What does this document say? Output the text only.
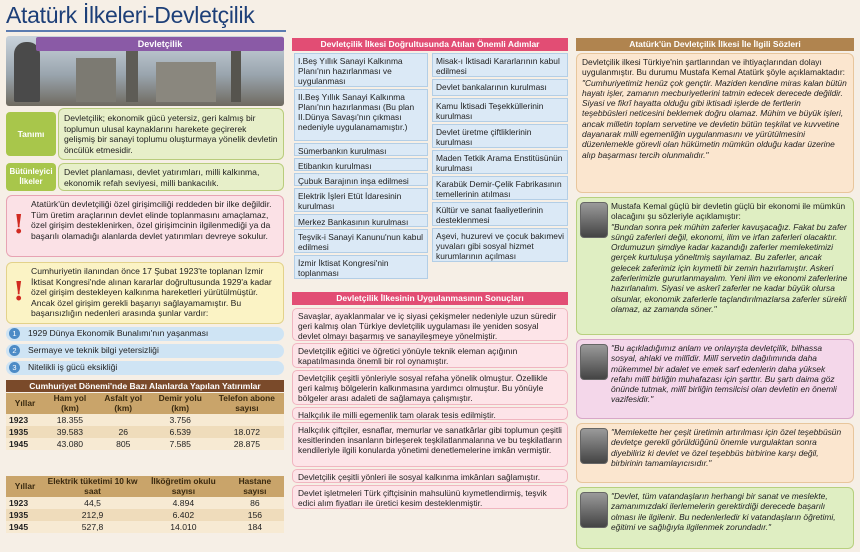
Atatürk İlkeleri-Devletçilik
Devletçilik
Tanımı
Devletçilik; ekonomik gücü yetersiz, geri kalmış bir toplumun ulusal kaynaklarını harekete geçirerek gelişmiş bir sanayi toplumu oluşturmaya yönelik devletin öncülük etmesidir.
Bütünleyici İlkeler
Devlet planlaması, devlet yatırımları, milli kalkınma, ekonomik refah seviyesi, milli bankacılık.
!
Atatürk'ün devletçiliği özel girişimciliği reddeden bir ilke değildir. Tüm üretim araçlarının devlet elinde toplanmasını amaçlamaz, özel girişim desteklenirken, özel girişimcinin ilgilenmediği ya da başarılı olamadığı alanlarda devlet yatırımları devreye sokulur.
!
Cumhuriyetin ilanından önce 17 Şubat 1923'te toplanan İzmir İktisat Kongresi'nde alınan kararlar doğrultusunda 1929'a kadar özel girişim destekleyen kalkınma hareketleri yürütülmüştür. Ancak özel girişim gerekli başarıyı sağlayamamıştır. Bu başarısızlığın nedenleri arasında şunlar vardır:
1	1929 Dünya Ekonomik Bunalımı'nın yaşanması
2	Sermaye ve teknik bilgi yetersizliği
3	Nitelikli iş gücü eksikliği
Cumhuriyet Dönemi'nde Bazı Alanlarda Yapılan Yatırımlar
Yıllar	Ham yol (km)	Asfalt yol (km)	Demir yolu (km)	Telefon abone sayısı
1923	18.355		3.756	
1935	39.583	26	6.539	18.072
1945	43.080	805	7.585	28.875
Yıllar	Elektrik tüketimi 10 kw saat	İlköğretim okulu sayısı	Hastane sayısı
1923	44,5	4.894	86
1935	212,9	6.402	156
1945	527,8	14.010	184
Devletçilik İlkesi Doğrultusunda Atılan Önemli Adımlar
I.Beş Yıllık Sanayi Kalkınma Planı'nın hazırlanması ve uygulanması
II.Beş Yıllık Sanayi Kalkınma Planı'nın hazırlanması (Bu plan II.Dünya Savaşı'nın çıkması nedeniyle uygulanamamıştır.)
Sümerbankın kurulması
Etibankın kurulması
Çubuk Barajının inşa edilmesi
Elektrik İşleri Etüt İdaresinin kurulması
Merkez Bankasının kurulması
Teşvik-i Sanayi Kanunu'nun kabul edilmesi
İzmir İktisat Kongresi'nin toplanması
Misak-ı İktisadi Kararlarının kabul edilmesi
Devlet bankalarının kurulması
Kamu İktisadi Teşekküllerinin kurulması
Devlet üretme çiftliklerinin kurulması
Maden Tetkik Arama Enstitüsünün kurulması
Karabük Demir-Çelik Fabrikasının temellerinin atılması
Kültür ve sanat faaliyetlerinin desteklenmesi
Aşevi, huzurevi ve çocuk bakımevi yuvaları gibi sosyal hizmet kurumlarının açılması
Devletçilik İlkesinin Uygulanmasının Sonuçları
Savaşlar, ayaklanmalar ve iç siyasi çekişmeler nedeniyle uzun süredir geri kalmış olan Türkiye devletçilik uygulaması ile yeniden sosyal devlet olmayı başarmış ve sanayileşmeye yönelmiştir.
Devletçilik eğitici ve öğretici yönüyle teknik eleman açığının kapatılmasında önemli bir rol oynamıştır.
Devletçilik çeşitli yönleriyle sosyal refaha yönelik olmuştur. Özellikle geri kalmış bölgelerin kalkınmasına yardımcı olmuştur. Bu yönüyle bölgeler arası adaleti de sağlamaya çalışmıştır.
Halkçılık ile milli egemenlik tam olarak tesis edilmiştir.
Halkçılık çiftçiler, esnaflar, memurlar ve sanatkârlar gibi toplumun çeşitli kesitlerinden insanların birleşerek teşkilatlanmalarına ve bu teşkilatların kendileriyle ilgili konularda yönetimi denetlemelerine imkân vermiştir.
Devletçilik çeşitli yönleri ile sosyal kalkınma imkânları sağlamıştır.
Devlet işletmeleri Türk çiftçisinin mahsulünü kıymetlendirmiş, teşvik edici alım fiyatları ile üretici kesim desteklenmiştir.
Atatürk'ün Devletçilik İlkesi İle İlgili Sözleri
Devletçilik ilkesi Türkiye'nin şartlarından ve ihtiyaçlarından dolayı uygulanmıştır. Bu durumu Mustafa Kemal Atatürk şöyle açıklamaktadır:
"Cumhuriyetimiz henüz çok gençtir. Maziden kendine miras kalan bütün hayatı işler, zamanın mecburiyetlerini tatmin edecek derecede değildir. Siyasi ve fikrî hayatta olduğu gibi iktisadi işlerde de fertlerin teşebbüsleri neticesini beklemek doğru olamaz. Mühim ve büyük işleri, ancak milletin toplam servetine ve devletin bütün teşkilat ve kuvvetine dayanarak milli egemenliğin uygulanmasını ve yürütülmesini düzenlemekle görevli olan hükümetin mümkün olduğu kadar üzerine alıp başarması tercih olunmalıdır."
Mustafa Kemal güçlü bir devletin güçlü bir ekonomi ile mümkün olacağını şu sözleriyle açıklamıştır:
"Bundan sonra pek mühim zaferler kavuşacağız. Fakat bu zafer süngü zaferleri değil, ekonomi, ilim ve irfan zaferleri olacaktır. Ordumuzun şimdiye kadar kazandığı zaferler memleketimizi gerçek kurtuluşa yöneltmiş sayılamaz. Bu zaferler, ancak gelecek zaferimiz için kıymetli bir zemin hazırlamıştır. Askeri zaferlerimizle gururlanmayalım. Yeni ilim ve ekonomi zaferlerine hazırlanalım. Siyasi ve askerî zaferler ne kadar büyük olursa olsunlar, ekonomik zaferlerle taçlandırılmazlarsa zaferler sürekli olamaz, az zamanda söner."
"Bu açıkladığımız anlam ve onlayışta devletçilik, bilhassa sosyal, ahlaki ve millîdir. Millî servetin dağılımında daha mükemmel bir adalet ve emek sarf edenlerin daha yüksek refahı millî birliğin muhafazası için şarttır. Bu şartı daima göz önünde tutmak, millî birliğin temsilcisi olan devletin en önemli vazifesidir."
"Memlekette her çeşit üretimin artırılması için özel teşebbüsün devletçe gerekli görüldüğünü önemle vurgulaktan sonra diyebiliriz ki devlet ve özel teşebbüs birbirine karşı değil, birbirinin tamamlayıcısıdır."
"Devlet, tüm vatandaşların herhangi bir sanat ve meslekte, zamanımızdaki ilerlemelerin gerektirdiği derecede başarılı olması ile ilgilenir. Bu nedenlerledir ki vatandaşların öğretimi, eğitimi ve sağlığıyla ilgilenmek zorundadır."
